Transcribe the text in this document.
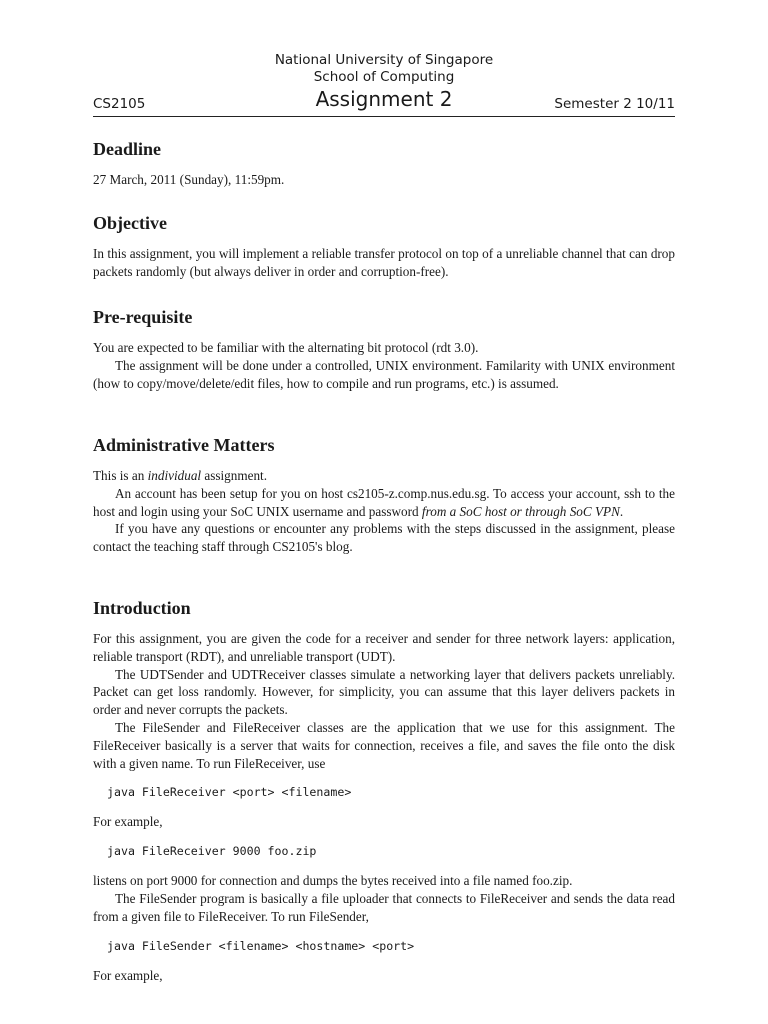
National University of Singapore
School of Computing
CS2105	Assignment 2	Semester 2 10/11
Deadline

27 March, 2011 (Sunday), 11:59pm.

Objective

In this assignment, you will implement a reliable transfer protocol on top of a unreliable channel that can drop packets randomly (but always deliver in order and corruption-free).

Pre-requisite

You are expected to be familiar with the alternating bit protocol (rdt 3.0).

The assignment will be done under a controlled, UNIX environment. Familarity with UNIX environment (how to copy/move/delete/edit files, how to compile and run programs, etc.) is assumed.

Administrative Matters

This is an individual assignment.

An account has been setup for you on host cs2105-z.comp.nus.edu.sg. To access your account, ssh to the host and login using your SoC UNIX username and password from a SoC host or through SoC VPN.

If you have any questions or encounter any problems with the steps discussed in the assignment, please contact the teaching staff through CS2105's blog.

Introduction

For this assignment, you are given the code for a receiver and sender for three network layers: application, reliable transport (RDT), and unreliable transport (UDT).

The UDTSender and UDTReceiver classes simulate a networking layer that delivers packets unreliably. Packet can get loss randomly. However, for simplicity, you can assume that this layer delivers packets in order and never corrupts the packets.

The FileSender and FileReceiver classes are the application that we use for this assignment. The FileReceiver basically is a server that waits for connection, receives a file, and saves the file onto the disk with a given name. To run FileReceiver, use

java FileReceiver <port> <filename>

For example,

java FileReceiver 9000 foo.zip

listens on port 9000 for connection and dumps the bytes received into a file named foo.zip.

The FileSender program is basically a file uploader that connects to FileReceiver and sends the data read from a given file to FileReceiver. To run FileSender,

java FileSender <filename> <hostname> <port>

For example,
